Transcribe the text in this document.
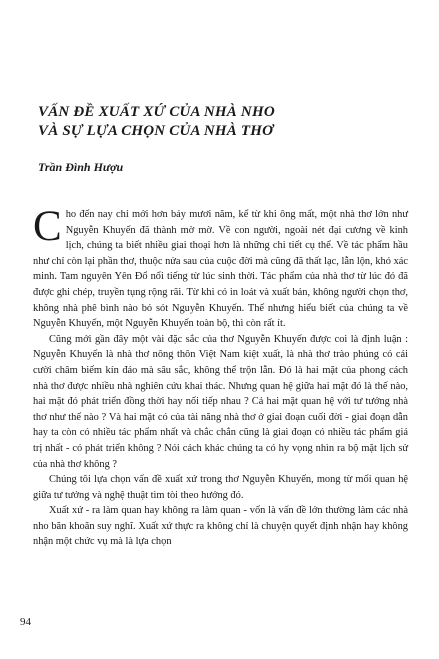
VẤN ĐỀ XUẤT XỨ CỦA NHÀ NHO
VÀ SỰ LỰA CHỌN CỦA NHÀ THƠ
Trần Đình Hượu

Cho đến nay chỉ mới hơn bảy mươi năm, kể từ khi ông mất, một nhà thơ lớn như Nguyễn Khuyến đã thành mờ mờ. Về con người, ngoài nét đại cương về kinh lịch, chúng ta biết nhiều giai thoại hơn là những chi tiết cụ thể. Về tác phẩm hầu như chỉ còn lại phần thơ, thuộc nửa sau của cuộc đời mà cũng đã thất lạc, lẫn lộn, khó xác minh. Tam nguyên Yên Đổ nổi tiếng từ lúc sinh thời. Tác phẩm của nhà thơ từ lúc đó đã được ghi chép, truyền tụng rộng rãi. Từ khi có in loát và xuất bản, không người chọn thơ, không nhà phê bình nào bỏ sót Nguyễn Khuyến. Thế nhưng hiểu biết của chúng ta về Nguyễn Khuyến, một Nguyễn Khuyến toàn bộ, thì còn rất ít.

Cũng mới gần đây một vài đặc sắc của thơ Nguyễn Khuyến được coi là định luận : Nguyễn Khuyến là nhà thơ nông thôn Việt Nam kiệt xuất, là nhà thơ trào phúng có cái cười châm biếm kín đáo mà sâu sắc, không thể trộn lẫn. Đó là hai mặt của phong cách nhà thơ được nhiều nhà nghiên cứu khai thác. Nhưng quan hệ giữa hai mặt đó là thế nào, hai mặt đó phát triển đồng thời hay nối tiếp nhau ? Cả hai mặt quan hệ với tư tưởng nhà thơ như thế nào ? Và hai mặt có của tài năng nhà thơ ở giai đoạn cuối đời - giai đoạn dẫn hay ta còn có nhiều tác phẩm nhất và chắc chắn cũng là giai đoạn có nhiều tác phẩm giá trị nhất - có phát triển không ? Nói cách khác chúng ta có hy vọng nhìn ra bộ mặt lịch sử của nhà thơ không ?

Chúng tôi lựa chọn vấn đề xuất xứ trong thơ Nguyễn Khuyến, mong từ mối quan hệ giữa tư tưởng và nghệ thuật tìm tòi theo hướng đó.

Xuất xứ - ra làm quan hay không ra làm quan - vốn là vấn đề lớn thường làm các nhà nho băn khoăn suy nghĩ. Xuất xứ thực ra không chỉ là chuyện quyết định nhận hay không nhận một chức vụ mà là lựa chọn

94
